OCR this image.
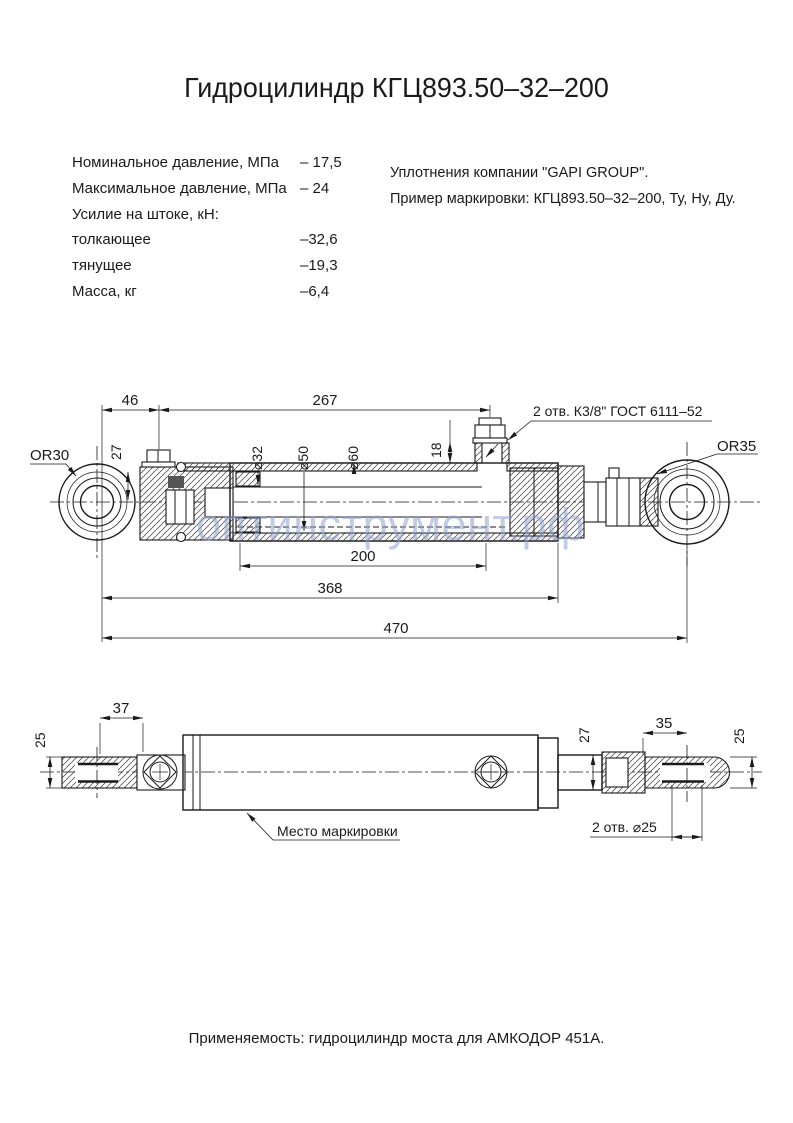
Гидроцилиндр КГЦ893.50–32–200
Номинальное давление, МПа	– 17,5
Максимальное давление, МПа – 24
Усилие на штоке, кН:
толкающее	–32,6
тянущее	–19,3
Масса, кг	–6,4
Уплотнения компании "GAPI GROUP".
Пример маркировки: КГЦ893.50–32–200, Ту, Ну, Ду.
OR30
OR35
46	267
2 отв. К3/8" ГОСТ 6111–52
27	⌀32 ⌀50 ⌀60	18
200
368
470
оптинструмент.рф
37
25	27
35
25
2 отв. ⌀25
Место маркировки
Применяемость: гидроцилиндр моста для АМКОДОР 451А.
